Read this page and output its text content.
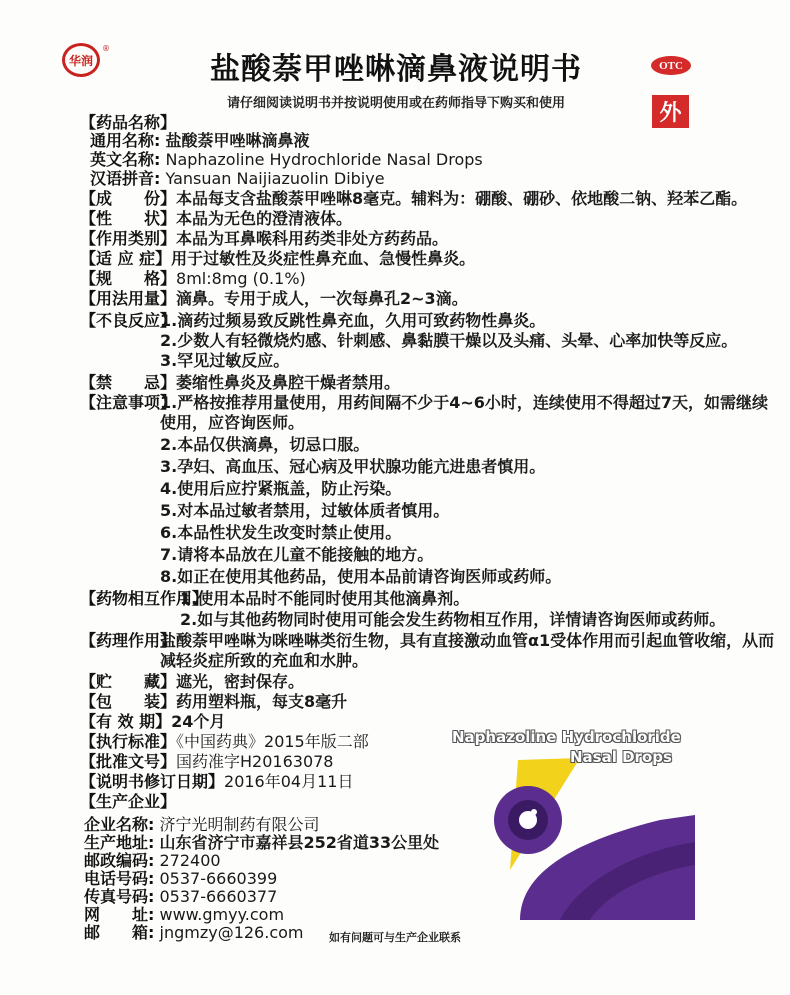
华润
®
盐酸萘甲唑啉滴鼻液说明书
请仔细阅读说明书并按说明使用或在药师指导下购买和使用
OTC
外
【药品名称】
通用名称: 盐酸萘甲唑啉滴鼻液
英文名称: Naphazoline Hydrochloride Nasal Drops
汉语拼音: Yansuan Naijiazuolin Dibiye
【成　　份】本品每支含盐酸萘甲唑啉8毫克。辅料为：硼酸、硼砂、依地酸二钠、羟苯乙酯。
【性　　状】本品为无色的澄清液体。
【作用类别】本品为耳鼻喉科用药类非处方药药品。
【适 应 症】用于过敏性及炎症性鼻充血、急慢性鼻炎。
【规　　格】8ml:8mg (0.1%)
【用法用量】滴鼻。专用于成人，一次每鼻孔2~3滴。
【不良反应】
1.滴药过频易致反跳性鼻充血，久用可致药物性鼻炎。
2.少数人有轻微烧灼感、针刺感、鼻黏膜干燥以及头痛、头晕、心率加快等反应。
3.罕见过敏反应。
【禁　　忌】萎缩性鼻炎及鼻腔干燥者禁用。
【注意事项】
1.严格按推荐用量使用，用药间隔不少于4~6小时，连续使用不得超过7天，如需继续
使用，应咨询医师。
2.本品仅供滴鼻，切忌口服。
3.孕妇、高血压、冠心病及甲状腺功能亢进患者慎用。
4.使用后应拧紧瓶盖，防止污染。
5.对本品过敏者禁用，过敏体质者慎用。
6.本品性状发生改变时禁止使用。
7.请将本品放在儿童不能接触的地方。
8.如正在使用其他药品，使用本品前请咨询医师或药师。
【药物相互作用】
1.使用本品时不能同时使用其他滴鼻剂。
2.如与其他药物同时使用可能会发生药物相互作用，详情请咨询医师或药师。
【药理作用】
盐酸萘甲唑啉为咪唑啉类衍生物，具有直接激动血管α1受体作用而引起血管收缩，从而
减轻炎症所致的充血和水肿。
【贮　　藏】遮光，密封保存。
【包　　装】药用塑料瓶，每支8毫升
【有 效 期】24个月
【执行标准】《中国药典》2015年版二部
【批准文号】国药准字H20163078
【说明书修订日期】2016年04月11日
【生产企业】
企业名称: 济宁光明制药有限公司
生产地址: 山东省济宁市嘉祥县252省道33公里处
邮政编码: 272400
电话号码: 0537-6660399
传真号码: 0537-6660377
网　　址: www.gmyy.com
邮　　箱: jngmzy@126.com
Naphazoline Hydrochloride
Nasal Drops
如有问题可与生产企业联系
